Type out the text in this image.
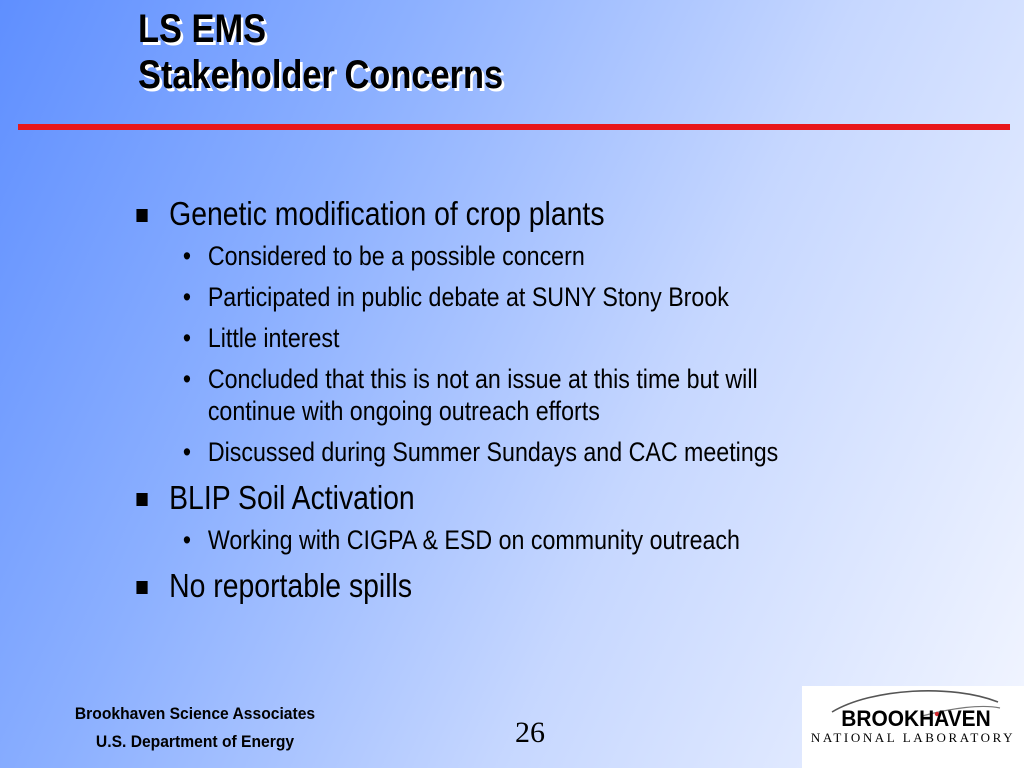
LS EMS
Stakeholder Concerns
Genetic modification of crop plants
• Considered to be a possible concern
• Participated in public debate at SUNY Stony Brook
• Little interest
• Concluded that this is not an issue at this time but will
continue with ongoing outreach efforts
• Discussed during Summer Sundays and CAC meetings
BLIP Soil Activation
• Working with CIGPA & ESD on community outreach
No reportable spills
Brookhaven Science Associates
U.S. Department of Energy	26	BROOKHAVEN
NATIONAL LABORATORY
